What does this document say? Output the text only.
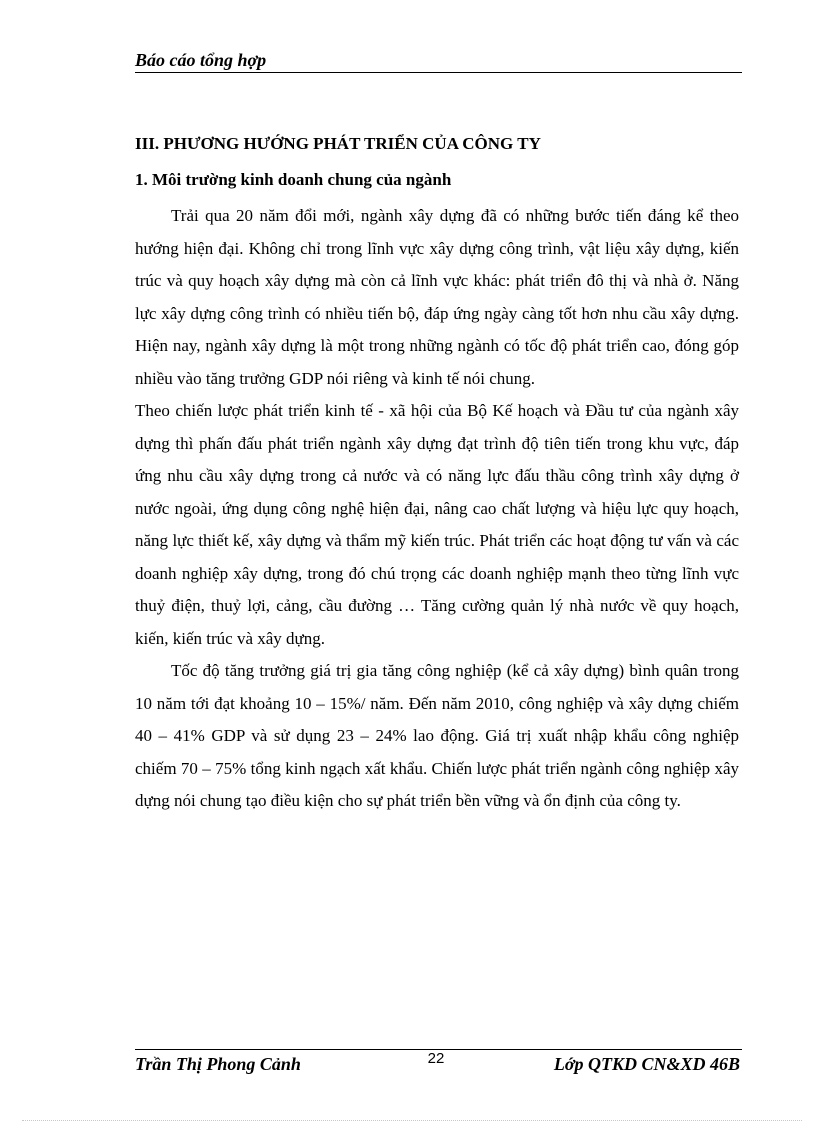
Báo cáo tổng hợp
III. PHƯƠNG HƯỚNG PHÁT TRIỂN CỦA CÔNG TY
1. Môi trường kinh doanh chung của ngành

Trải qua 20 năm đổi mới, ngành xây dựng đã có những bước tiến đáng kể theo hướng hiện đại. Không chỉ trong lĩnh vực xây dựng công trình, vật liệu xây dựng, kiến trúc và quy hoạch xây dựng mà còn cả lĩnh vực khác: phát triển đô thị và nhà ở. Năng lực xây dựng công trình có nhiều tiến bộ, đáp ứng ngày càng tốt hơn nhu cầu xây dựng. Hiện nay, ngành xây dựng là một trong những ngành có tốc độ phát triển cao, đóng góp nhiều vào tăng trưởng GDP nói riêng và kinh tế nói chung.

Theo chiến lược phát triển kinh tế - xã hội của Bộ Kế hoạch và Đầu tư của ngành xây dựng thì phấn đấu phát triển ngành xây dựng đạt trình độ tiên tiến trong khu vực, đáp ứng nhu cầu xây dựng trong cả nước và có năng lực đấu thầu công trình xây dựng ở nước ngoài, ứng dụng công nghệ hiện đại, nâng cao chất lượng và hiệu lực quy hoạch, năng lực thiết kế, xây dựng và thẩm mỹ kiến trúc. Phát triển các hoạt động tư vấn và các doanh nghiệp xây dựng, trong đó chú trọng các doanh nghiệp mạnh theo từng lĩnh vực thuỷ điện, thuỷ lợi, cảng, cầu đường … Tăng cường quản lý nhà nước về quy hoạch, kiến, kiến trúc và xây dựng.

Tốc độ tăng trưởng giá trị gia tăng công nghiệp (kể cả xây dựng) bình quân trong 10 năm tới đạt khoảng 10 – 15%/ năm. Đến năm 2010, công nghiệp và xây dựng chiếm 40 – 41% GDP và sử dụng 23 – 24% lao động. Giá trị xuất nhập khẩu công nghiệp chiếm 70 – 75% tổng kinh ngạch xất khẩu. Chiến lược phát triển ngành công nghiệp xây dựng nói chung tạo điều kiện cho sự phát triển bền vững và ổn định của công ty.

Trần Thị Phong Cảnh	22	Lớp QTKD CN&XD 46B
